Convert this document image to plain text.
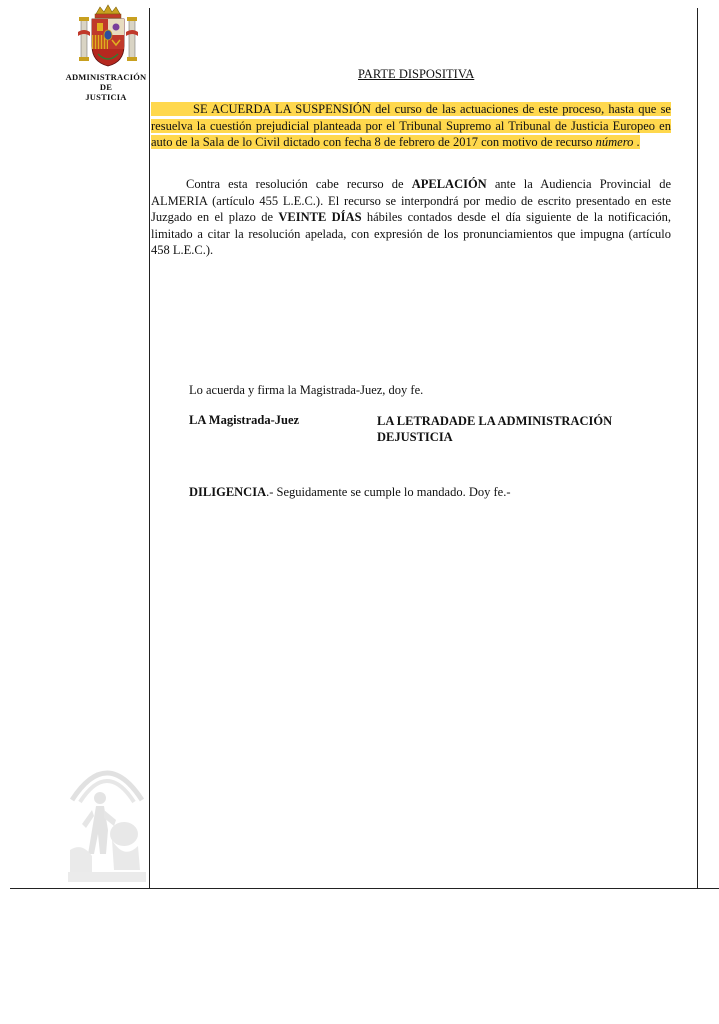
ADMINISTRACIÓN
DE
JUSTICIA
PARTE DISPOSITIVA
SE ACUERDA LA SUSPENSIÓN del curso de las actuaciones de este proceso, hasta que se resuelva la cuestión prejudicial planteada por el Tribunal Supremo al Tribunal de Justicia Europeo en auto de la Sala de lo Civil dictado con fecha 8 de febrero de 2017 con motivo de recurso número .
Contra esta resolución cabe recurso de APELACIÓN ante la Audiencia Provincial de ALMERIA (artículo 455 L.E.C.). El recurso se interpondrá por medio de escrito presentado en este Juzgado en el plazo de VEINTE DÍAS hábiles contados desde el día siguiente de la notificación, limitado a citar la resolución apelada, con expresión de los pronunciamientos que impugna (artículo 458 L.E.C.).
Lo acuerda y firma la Magistrada-Juez, doy fe.
LA Magistrada-Juez	LA LETRADADE LA ADMINISTRACIÓN
DEJUSTICIA
DILIGENCIA.- Seguidamente se cumple lo mandado. Doy fe.-
